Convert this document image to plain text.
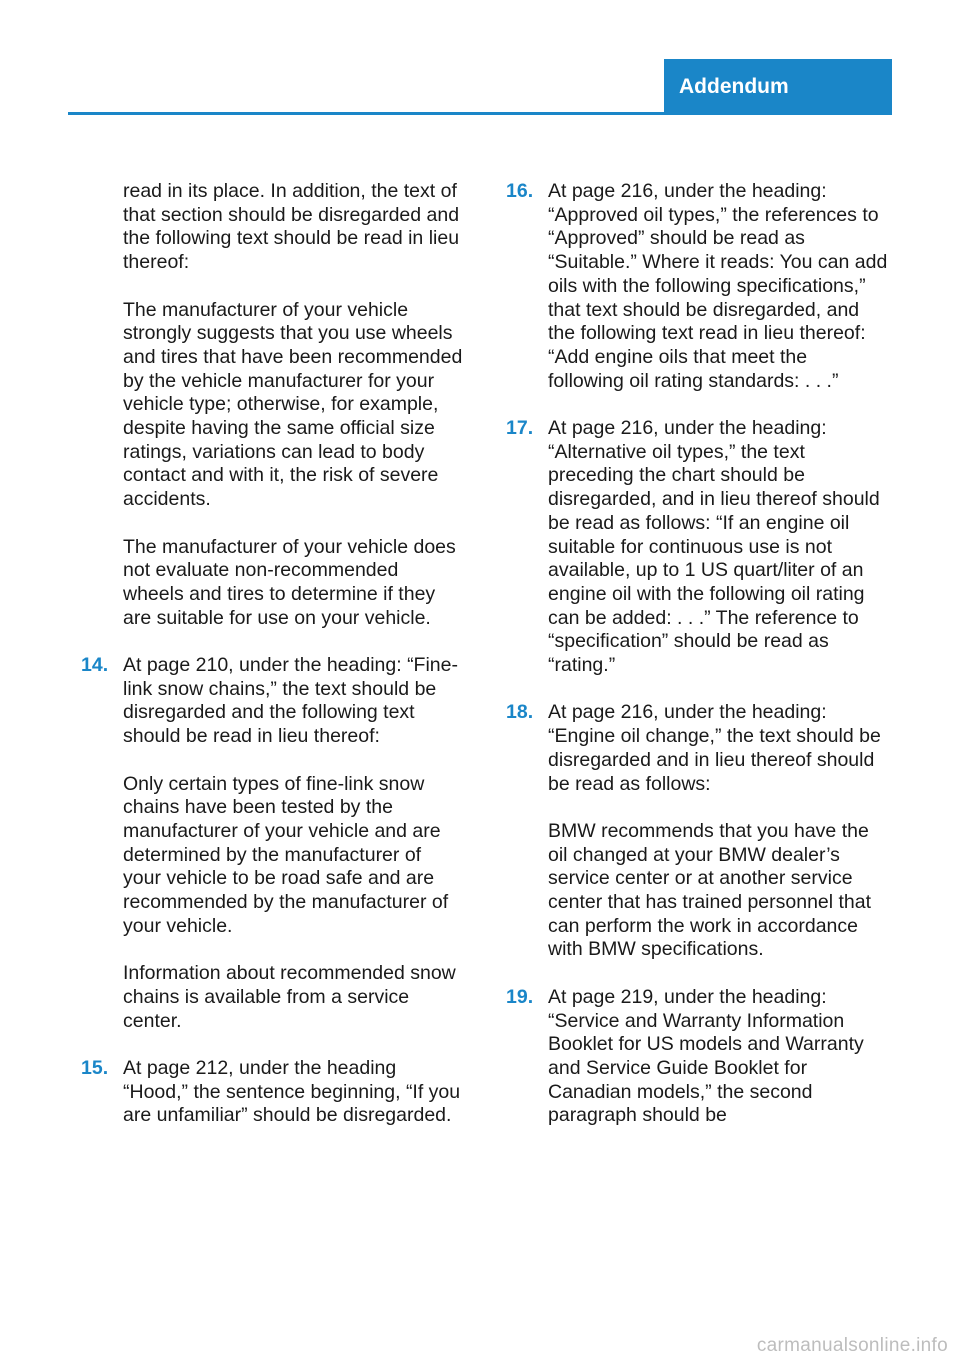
Addendum

read in its place. In addition, the text of that section should be disregarded and the following text should be read in lieu thereof:

The manufacturer of your vehicle strongly suggests that you use wheels and tires that have been recommended by the vehicle manufacturer for your vehicle type; otherwise, for example, despite having the same official size ratings, variations can lead to body contact and with it, the risk of severe accidents.

The manufacturer of your vehicle does not evaluate non-recommended wheels and tires to determine if they are suitable for use on your vehicle.

14. At page 210, under the heading: “Fine-link snow chains,” the text should be disregarded and the following text should be read in lieu thereof:

Only certain types of fine-link snow chains have been tested by the manufacturer of your vehicle and are determined by the manufacturer of your vehicle to be road safe and are recommended by the manufacturer of your vehicle.

Information about recommended snow chains is available from a service center.

15. At page 212, under the heading “Hood,” the sentence beginning, “If you are unfamiliar” should be disregarded.

16. At page 216, under the heading: “Approved oil types,” the references to “Approved” should be read as “Suitable.” Where it reads: You can add oils with the following specifications,” that text should be disregarded, and the following text read in lieu thereof: “Add engine oils that meet the following oil rating standards: . . .”

17. At page 216, under the heading: “Alternative oil types,” the text preceding the chart should be disregarded, and in lieu thereof should be read as follows: “If an engine oil suitable for continuous use is not available, up to 1 US quart/liter of an engine oil with the following oil rating can be added: . . .” The reference to “specification” should be read as “rating.”

18. At page 216, under the heading: “Engine oil change,” the text should be disregarded and in lieu thereof should be read as follows:

BMW recommends that you have the oil changed at your BMW dealer’s service center or at another service center that has trained personnel that can perform the work in accordance with BMW specifications.

19. At page 219, under the heading: “Service and Warranty Information Booklet for US models and Warranty and Service Guide Booklet for Canadian models,” the second paragraph should be

carmanualsonline.info
